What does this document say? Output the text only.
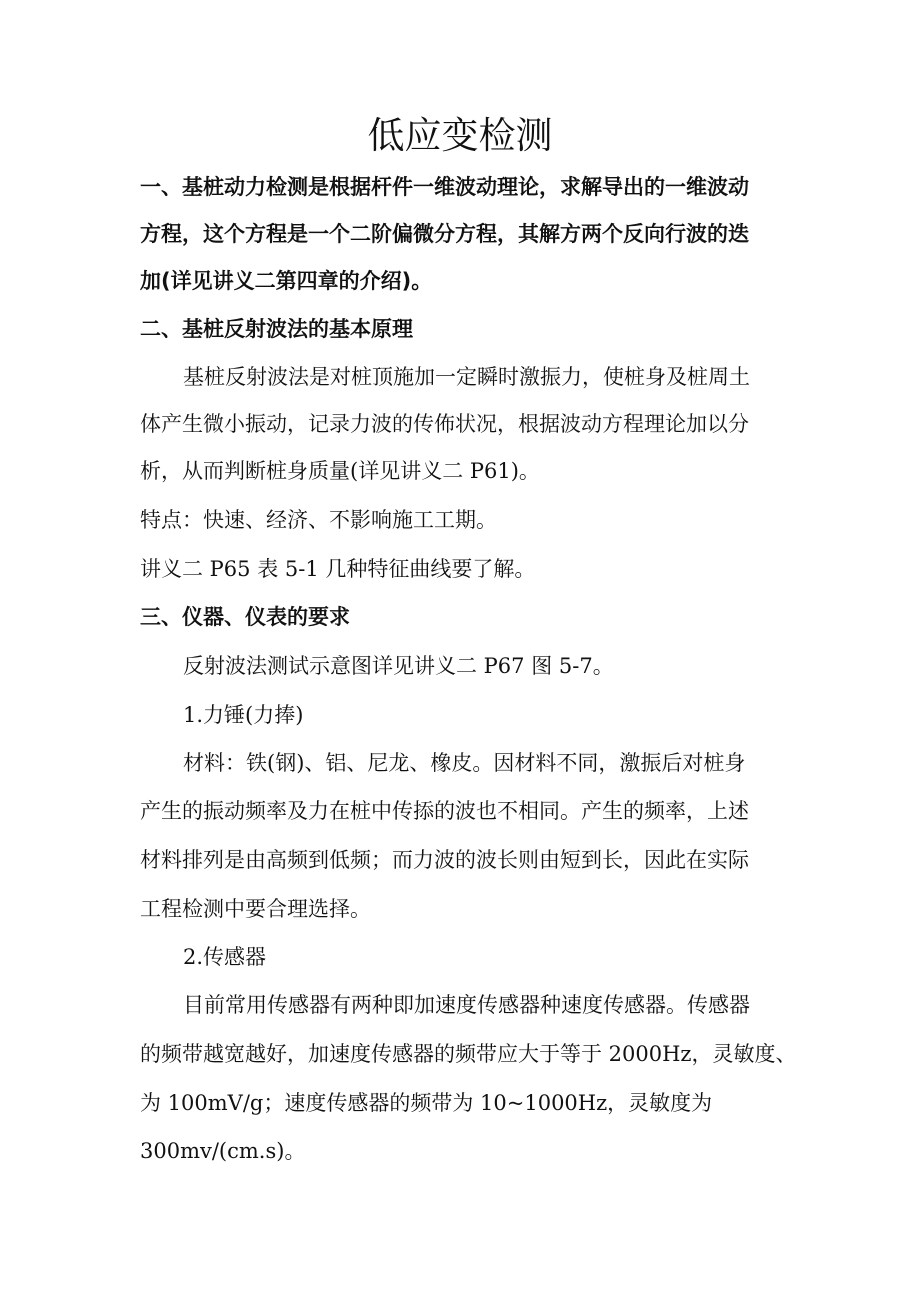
低应变检测
一、基桩动力检测是根据杆件一维波动理论，求解导出的一维波动
方程，这个方程是一个二阶偏微分方程，其解方两个反向行波的迭
加(详见讲义二第四章的介绍)。
二、基桩反射波法的基本原理
基桩反射波法是对桩顶施加一定瞬时激振力，使桩身及桩周土
体产生微小振动，记录力波的传佈状况，根据波动方程理论加以分
析，从而判断桩身质量(详见讲义二 P61)。
特点：快速、经济、不影响施工工期。
讲义二 P65 表 5-1 几种特征曲线要了解。
三、仪器、仪表的要求
反射波法测试示意图详见讲义二 P67 图 5-7。
1.力锤(力捧)
材料：铁(钢)、铝、尼龙、橡皮。因材料不同，激振后对桩身
产生的振动频率及力在桩中传掭的波也不相同。产生的频率，上述
材料排列是由高频到低频；而力波的波长则由短到长，因此在实际
工程检测中要合理选择。
2.传感器
目前常用传感器有两种即加速度传感器种速度传感器。传感器
的频带越宽越好，加速度传感器的频带应大于等于 2000Hz，灵敏度、
为 100mV/g；速度传感器的频带为 10~1000Hz，灵敏度为
300mv/(cm.s)。
